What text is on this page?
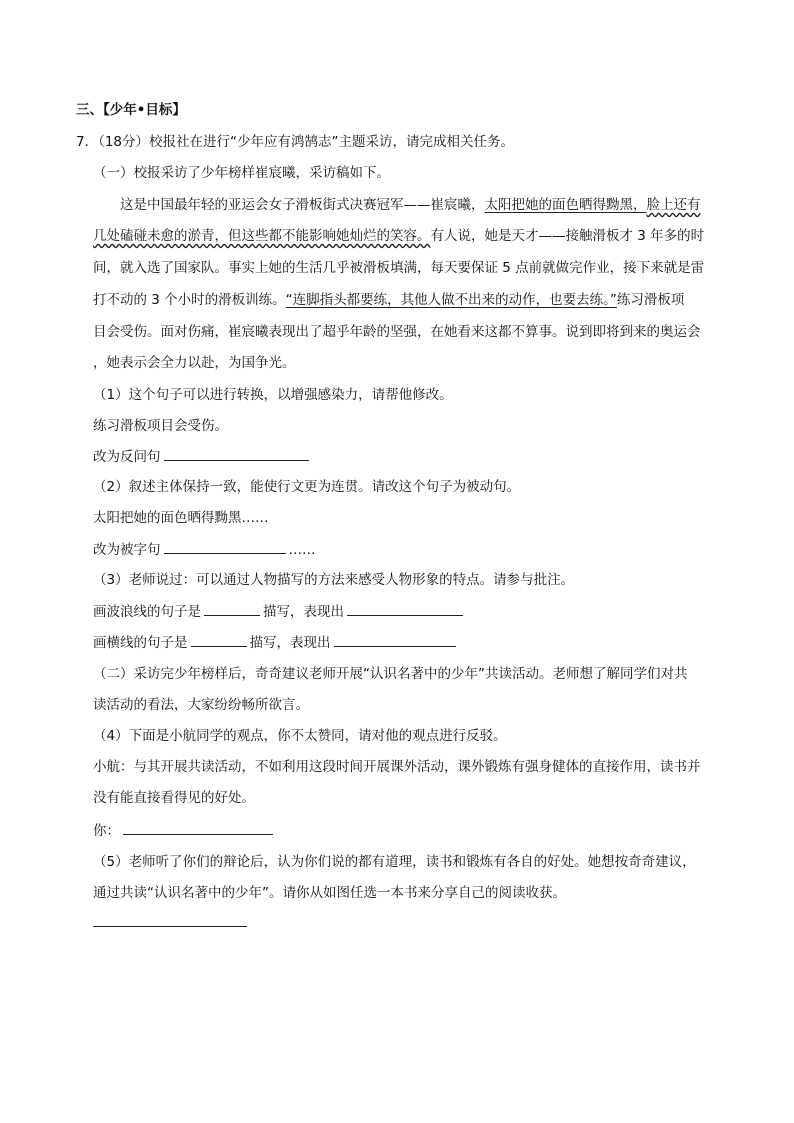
三、【少年•目标】
7．（18分）校报社在进行“少年应有鸿鹄志”主题采访，请完成相关任务。
（一）校报采访了少年榜样崔宸曦，采访稿如下。
这是中国最年轻的亚运会女子滑板街式决赛冠军——崔宸曦，太阳把她的面色晒得黝黑，脸上还有
几处磕碰未愈的淤青，但这些都不能影响她灿烂的笑容。有人说，她是天才——接触滑板才 3 年多的时
间，就入选了国家队。事实上她的生活几乎被滑板填满，每天要保证 5 点前就做完作业，接下来就是雷
打不动的 3 个小时的滑板训练。“连脚指头都要练，其他人做不出来的动作，也要去练。”练习滑板项
目会受伤。面对伤痛，崔宸曦表现出了超乎年龄的坚强，在她看来这都不算事。说到即将到来的奥运会
，她表示会全力以赴，为国争光。
（1）这个句子可以进行转换，以增强感染力，请帮他修改。
练习滑板项目会受伤。
改为反问句
（2）叙述主体保持一致，能使行文更为连贯。请改这个句子为被动句。
太阳把她的面色晒得黝黑……
改为被字句	……
（3）老师说过：可以通过人物描写的方法来感受人物形象的特点。请参与批注。
画波浪线的句子是	描写，表现出
画横线的句子是	描写，表现出
（二）采访完少年榜样后，奇奇建议老师开展“认识名著中的少年”共读活动。老师想了解同学们对共
读活动的看法，大家纷纷畅所欲言。
（4）下面是小航同学的观点，你不太赞同，请对他的观点进行反驳。
小航：与其开展共读活动，不如利用这段时间开展课外活动，课外锻炼有强身健体的直接作用，读书并
没有能直接看得见的好处。
你：
（5）老师听了你们的辩论后，认为你们说的都有道理，读书和锻炼有各自的好处。她想按奇奇建议，
通过共读“认识名著中的少年”。请你从如图任选一本书来分享自己的阅读收获。
